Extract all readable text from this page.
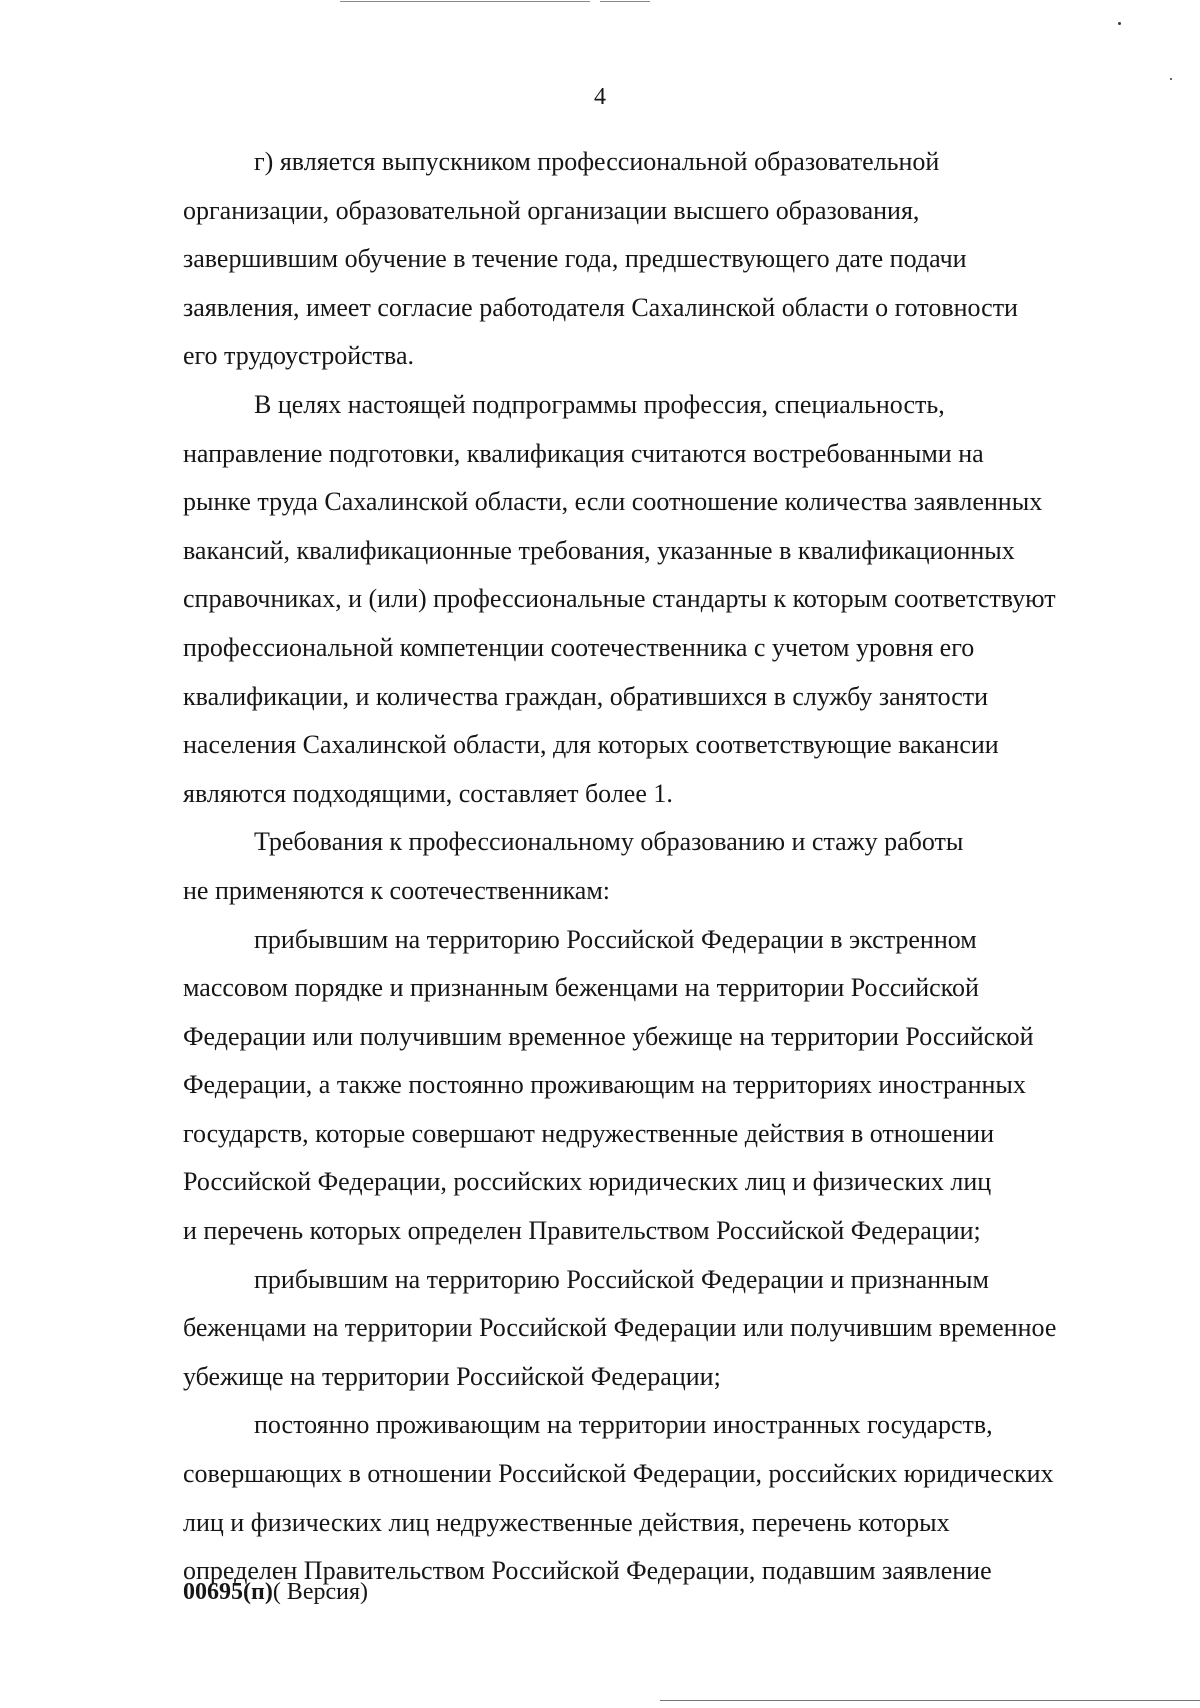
4
г) является выпускником профессиональной образовательной
организации, образовательной организации высшего образования,
завершившим обучение в течение года, предшествующего дате подачи
заявления, имеет согласие работодателя Сахалинской области о готовности
его трудоустройства.
В целях настоящей подпрограммы профессия, специальность,
направление подготовки, квалификация считаются востребованными на
рынке труда Сахалинской области, если соотношение количества заявленных
вакансий, квалификационные требования, указанные в квалификационных
справочниках, и (или) профессиональные стандарты к которым соответствуют
профессиональной компетенции соотечественника с учетом уровня его
квалификации, и количества граждан, обратившихся в службу занятости
населения Сахалинской области, для которых соответствующие вакансии
являются подходящими, составляет более 1.
Требования к профессиональному образованию и стажу работы
не применяются к соотечественникам:
прибывшим на территорию Российской Федерации в экстренном
массовом порядке и признанным беженцами на территории Российской
Федерации или получившим временное убежище на территории Российской
Федерации, а также постоянно проживающим на территориях иностранных
государств, которые совершают недружественные действия в отношении
Российской Федерации, российских юридических лиц и физических лиц
и перечень которых определен Правительством Российской Федерации;
прибывшим на территорию Российской Федерации и признанным
беженцами на территории Российской Федерации или получившим временное
убежище на территории Российской Федерации;
постоянно проживающим на территории иностранных государств,
совершающих в отношении Российской Федерации, российских юридических
лиц и физических лиц недружественные действия, перечень которых
определен Правительством Российской Федерации, подавшим заявление
00695(п)( Версия)
